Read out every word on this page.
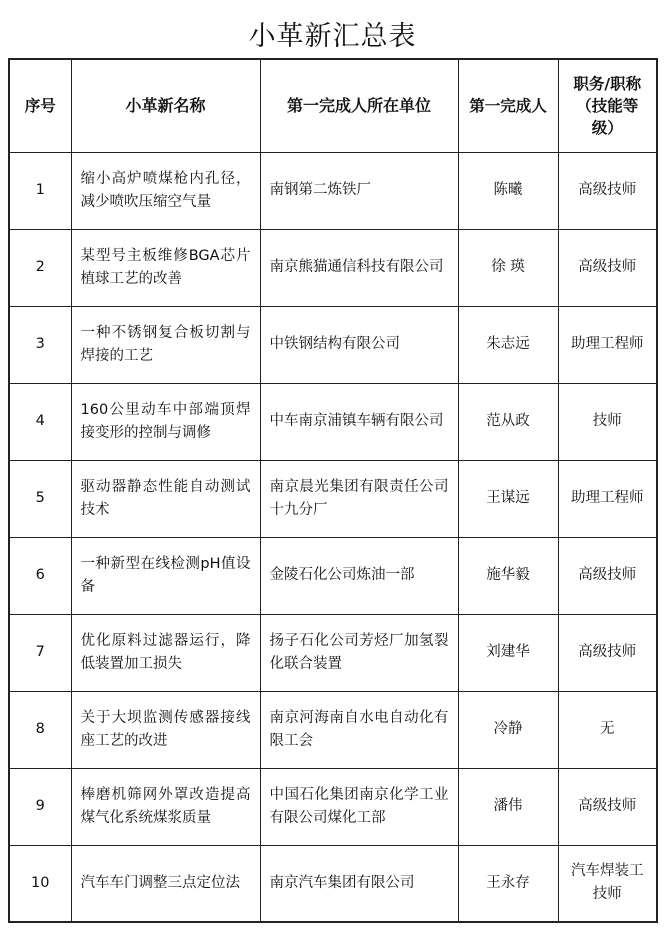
小革新汇总表
序号	小革新名称	第一完成人所在单位	第一完成人	职务/职称（技能等级）
1	缩小高炉喷煤枪内孔径，减少喷吹压缩空气量	南钢第二炼铁厂	陈曦	高级技师
2	某型号主板维修BGA芯片植球工艺的改善	南京熊猫通信科技有限公司	徐 瑛	高级技师
3	一种不锈钢复合板切割与焊接的工艺	中铁钢结构有限公司	朱志远	助理工程师
4	160公里动车中部端顶焊接变形的控制与调修	中车南京浦镇车辆有限公司	范从政	技师
5	驱动器静态性能自动测试技术	南京晨光集团有限责任公司十九分厂	王谋远	助理工程师
6	一种新型在线检测pH值设备	金陵石化公司炼油一部	施华毅	高级技师
7	优化原料过滤器运行，降低装置加工损失	扬子石化公司芳烃厂加氢裂化联合装置	刘建华	高级技师
8	关于大坝监测传感器接线座工艺的改进	南京河海南自水电自动化有限工会	冷静	无
9	棒磨机筛网外罩改造提高煤气化系统煤浆质量	中国石化集团南京化学工业有限公司煤化工部	潘伟	高级技师
10	汽车车门调整三点定位法	南京汽车集团有限公司	王永存	汽车焊装工技师
